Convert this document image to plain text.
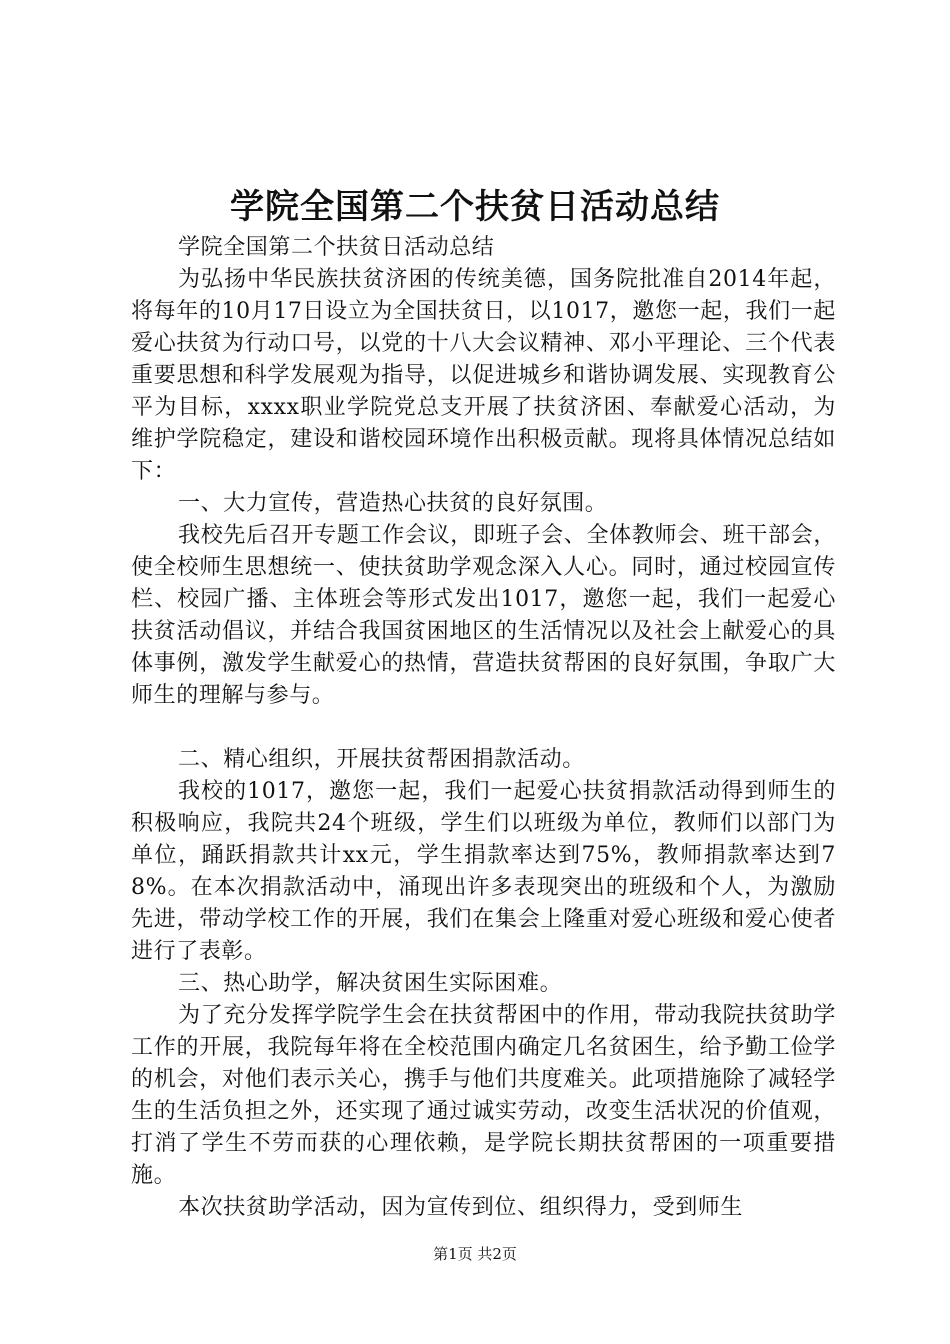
学院全国第二个扶贫日活动总结

学院全国第二个扶贫日活动总结

为弘扬中华民族扶贫济困的传统美德，国务院批准自2014年起，将每年的10月17日设立为全国扶贫日，以1017，邀您一起，我们一起爱心扶贫为行动口号，以党的十八大会议精神、邓小平理论、三个代表重要思想和科学发展观为指导，以促进城乡和谐协调发展、实现教育公平为目标，xxxx职业学院党总支开展了扶贫济困、奉献爱心活动，为维护学院稳定，建设和谐校园环境作出积极贡献。现将具体情况总结如下：

一、大力宣传，营造热心扶贫的良好氛围。

我校先后召开专题工作会议，即班子会、全体教师会、班干部会，使全校师生思想统一、使扶贫助学观念深入人心。同时，通过校园宣传栏、校园广播、主体班会等形式发出1017，邀您一起，我们一起爱心扶贫活动倡议，并结合我国贫困地区的生活情况以及社会上献爱心的具体事例，激发学生献爱心的热情，营造扶贫帮困的良好氛围，争取广大师生的理解与参与。

二、精心组织，开展扶贫帮困捐款活动。

我校的1017，邀您一起，我们一起爱心扶贫捐款活动得到师生的积极响应，我院共24个班级，学生们以班级为单位，教师们以部门为单位，踊跃捐款共计xx元，学生捐款率达到75%，教师捐款率达到78%。在本次捐款活动中，涌现出许多表现突出的班级和个人，为激励先进，带动学校工作的开展，我们在集会上隆重对爱心班级和爱心使者进行了表彰。

三、热心助学，解决贫困生实际困难。

为了充分发挥学院学生会在扶贫帮困中的作用，带动我院扶贫助学工作的开展，我院每年将在全校范围内确定几名贫困生，给予勤工俭学的机会，对他们表示关心，携手与他们共度难关。此项措施除了减轻学生的生活负担之外，还实现了通过诚实劳动，改变生活状况的价值观，打消了学生不劳而获的心理依赖，是学院长期扶贫帮困的一项重要措施。

本次扶贫助学活动，因为宣传到位、组织得力，受到师生

第1页 共2页
